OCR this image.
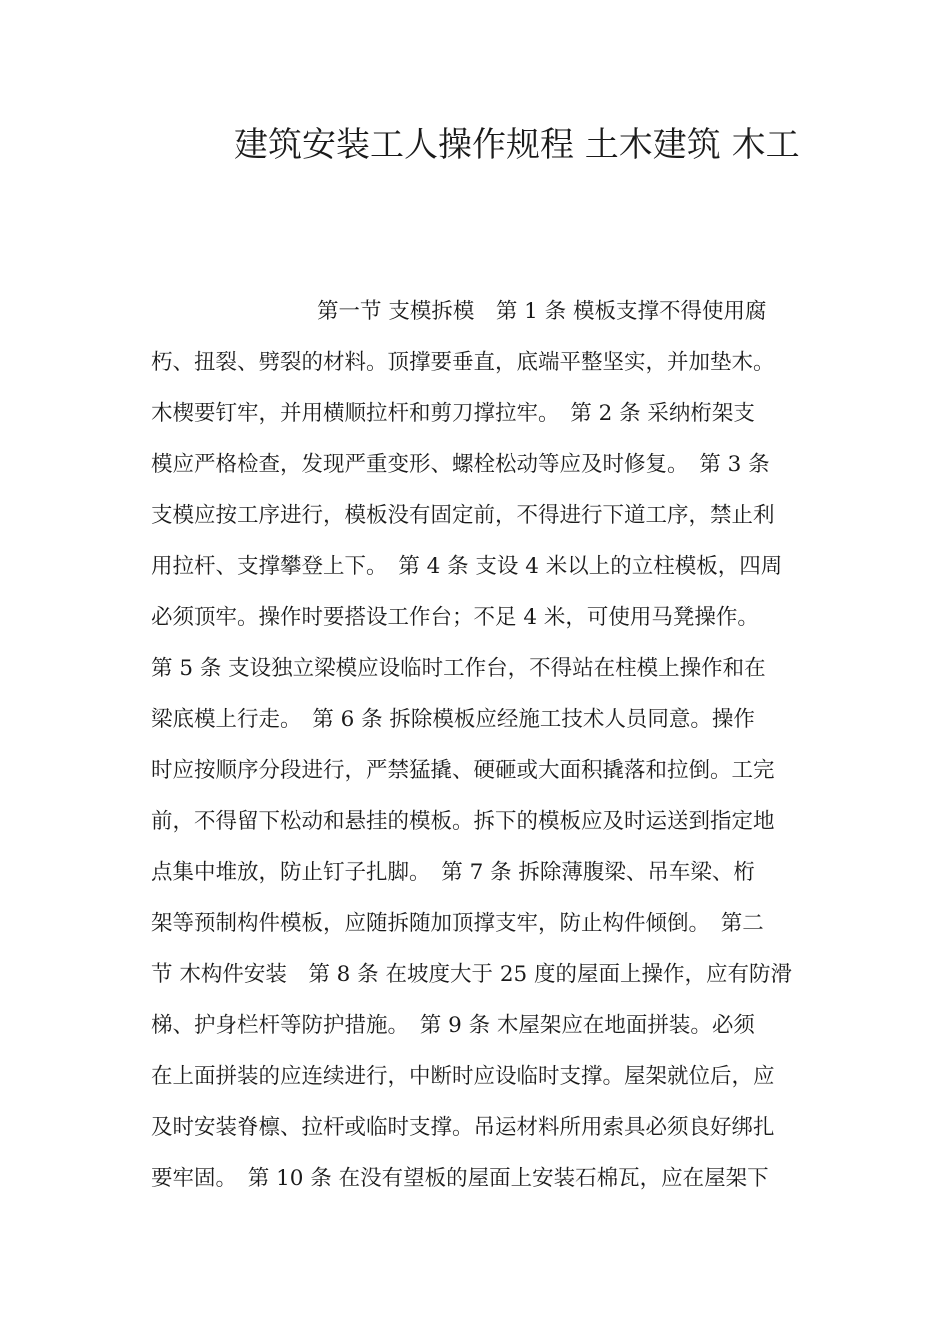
建筑安装工人操作规程 土木建筑 木工
第一节 支模拆模　第 1 条 模板支撑不得使用腐
朽、扭裂、劈裂的材料。顶撑要垂直，底端平整坚实，并加垫木。
木楔要钉牢，并用横顺拉杆和剪刀撑拉牢。　第 2 条 采纳桁架支
模应严格检查，发现严重变形、螺栓松动等应及时修复。　第 3 条
支模应按工序进行，模板没有固定前，不得进行下道工序，禁止利
用拉杆、支撑攀登上下。　第 4 条 支设 4 米以上的立柱模板，四周
必须顶牢。操作时要搭设工作台；不足 4 米，可使用马凳操作。
第 5 条 支设独立梁模应设临时工作台，不得站在柱模上操作和在
梁底模上行走。　第 6 条 拆除模板应经施工技术人员同意。操作
时应按顺序分段进行，严禁猛撬、硬砸或大面积撬落和拉倒。工完
前，不得留下松动和悬挂的模板。拆下的模板应及时运送到指定地
点集中堆放，防止钉子扎脚。　第 7 条 拆除薄腹梁、吊车梁、桁
架等预制构件模板，应随拆随加顶撑支牢，防止构件倾倒。　第二
节 木构件安装　第 8 条 在坡度大于 25 度的屋面上操作，应有防滑
梯、护身栏杆等防护措施。　第 9 条 木屋架应在地面拼装。必须
在上面拼装的应连续进行，中断时应设临时支撑。屋架就位后，应
及时安装脊檩、拉杆或临时支撑。吊运材料所用索具必须良好绑扎
要牢固。　第 10 条 在没有望板的屋面上安装石棉瓦，应在屋架下
